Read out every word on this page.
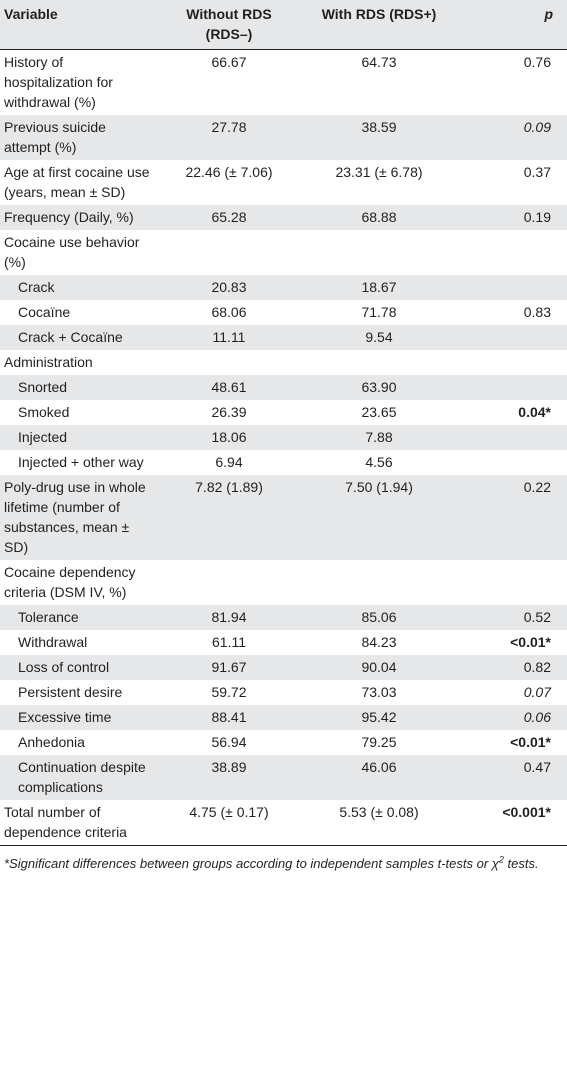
Variable	Without RDS (RDS–)	With RDS (RDS+)	p
History of hospitalization for withdrawal (%)	66.67	64.73	0.76
Previous suicide attempt (%)	27.78	38.59	0.09
Age at first cocaine use (years, mean ± SD)	22.46 (± 7.06)	23.31 (± 6.78)	0.37
Frequency (Daily, %)	65.28	68.88	0.19
Cocaine use behavior (%)			
Crack	20.83	18.67	
Cocaïne	68.06	71.78	0.83
Crack + Cocaïne	11.11	9.54	
Administration			
Snorted	48.61	63.90	
Smoked	26.39	23.65	0.04*
Injected	18.06	7.88	
Injected + other way	6.94	4.56	
Poly-drug use in whole lifetime (number of substances, mean ± SD)	7.82 (1.89)	7.50 (1.94)	0.22
Cocaine dependency criteria (DSM IV, %)			
Tolerance	81.94	85.06	0.52
Withdrawal	61.11	84.23	<0.01*
Loss of control	91.67	90.04	0.82
Persistent desire	59.72	73.03	0.07
Excessive time	88.41	95.42	0.06
Anhedonia	56.94	79.25	<0.01*
Continuation despite complications	38.89	46.06	0.47
Total number of dependence criteria	4.75 (± 0.17)	5.53 (± 0.08)	<0.001*
*Significant differences between groups according to independent samples t-tests or $\chi^2$ tests.
